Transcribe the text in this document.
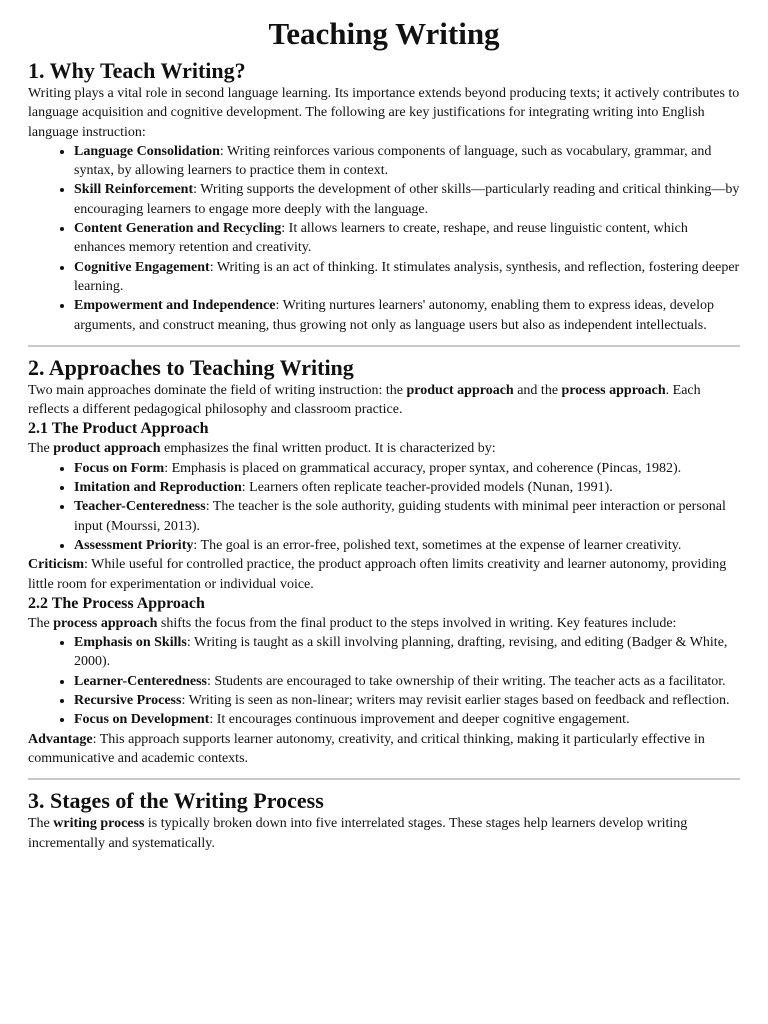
Teaching Writing
1. Why Teach Writing?

Writing plays a vital role in second language learning. Its importance extends beyond producing texts; it actively contributes to language acquisition and cognitive development. The following are key justifications for integrating writing into English language instruction:

• Language Consolidation: Writing reinforces various components of language, such as vocabulary, grammar, and syntax, by allowing learners to practice them in context.
• Skill Reinforcement: Writing supports the development of other skills—particularly reading and critical thinking—by encouraging learners to engage more deeply with the language.
• Content Generation and Recycling: It allows learners to create, reshape, and reuse linguistic content, which enhances memory retention and creativity.
• Cognitive Engagement: Writing is an act of thinking. It stimulates analysis, synthesis, and reflection, fostering deeper learning.
• Empowerment and Independence: Writing nurtures learners' autonomy, enabling them to express ideas, develop arguments, and construct meaning, thus growing not only as language users but also as independent intellectuals.
2. Approaches to Teaching Writing

Two main approaches dominate the field of writing instruction: the product approach and the process approach. Each reflects a different pedagogical philosophy and classroom practice.

2.1 The Product Approach

The product approach emphasizes the final written product. It is characterized by:

• Focus on Form: Emphasis is placed on grammatical accuracy, proper syntax, and coherence (Pincas, 1982).
• Imitation and Reproduction: Learners often replicate teacher-provided models (Nunan, 1991).
• Teacher-Centeredness: The teacher is the sole authority, guiding students with minimal peer interaction or personal input (Mourssi, 2013).
• Assessment Priority: The goal is an error-free, polished text, sometimes at the expense of learner creativity.

Criticism: While useful for controlled practice, the product approach often limits creativity and learner autonomy, providing little room for experimentation or individual voice.

2.2 The Process Approach

The process approach shifts the focus from the final product to the steps involved in writing. Key features include:

• Emphasis on Skills: Writing is taught as a skill involving planning, drafting, revising, and editing (Badger & White, 2000).
• Learner-Centeredness: Students are encouraged to take ownership of their writing. The teacher acts as a facilitator.
• Recursive Process: Writing is seen as non-linear; writers may revisit earlier stages based on feedback and reflection.
• Focus on Development: It encourages continuous improvement and deeper cognitive engagement.

Advantage: This approach supports learner autonomy, creativity, and critical thinking, making it particularly effective in communicative and academic contexts.

3. Stages of the Writing Process

The writing process is typically broken down into five interrelated stages. These stages help learners develop writing incrementally and systematically.
